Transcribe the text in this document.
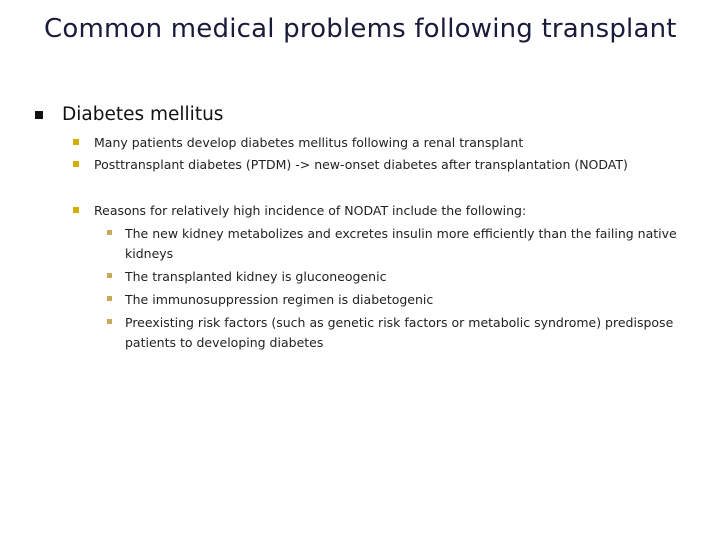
Common medical problems following transplant
Diabetes mellitus
Many patients develop diabetes mellitus following a renal transplant
Posttransplant diabetes (PTDM) -> new-onset diabetes after transplantation (NODAT)
Reasons for relatively high incidence of NODAT include the following:
The new kidney metabolizes and excretes insulin more efficiently than the failing native kidneys
The transplanted kidney is gluconeogenic
The immunosuppression regimen is diabetogenic
Preexisting risk factors (such as genetic risk factors or metabolic syndrome) predispose patients to developing diabetes
